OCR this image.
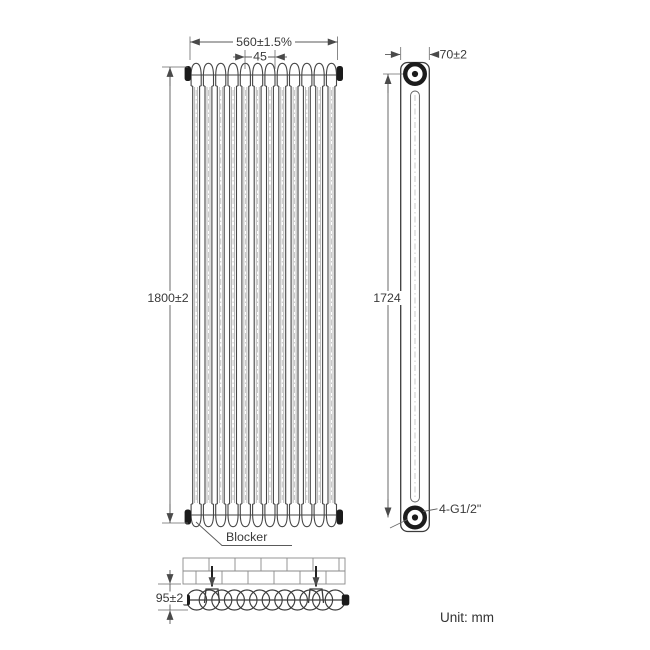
560±1.5%
45
1800±2
Blocker
70±2
1724
4-G1/2"
95±2
Unit: mm
